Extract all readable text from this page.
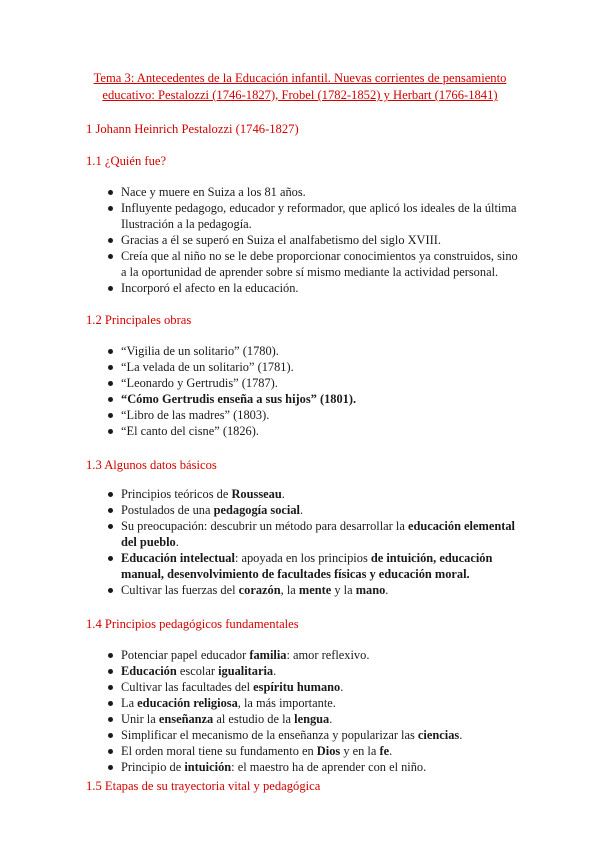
Tema 3: Antecedentes de la Educación infantil. Nuevas corrientes de pensamiento educativo: Pestalozzi (1746-1827), Frobel (1782-1852) y Herbart (1766-1841)
1 Johann Heinrich Pestalozzi (1746-1827)
1.1 ¿Quién fue?
Nace y muere en Suiza a los 81 años.
Influyente pedagogo, educador y reformador, que aplicó los ideales de la última Ilustración a la pedagogía.
Gracias a él se superó en Suiza el analfabetismo del siglo XVIII.
Creía que al niño no se le debe proporcionar conocimientos ya construidos, sino a la oportunidad de aprender sobre sí mismo mediante la actividad personal.
Incorporó el afecto en la educación.
1.2 Principales obras
“Vigilia de un solitario” (1780).
“La velada de un solitario” (1781).
“Leonardo y Gertrudis” (1787).
“Cómo Gertrudis enseña a sus hijos” (1801).
“Libro de las madres” (1803).
“El canto del cisne” (1826).
1.3 Algunos datos básicos
Principios teóricos de Rousseau.
Postulados de una pedagogía social.
Su preocupación: descubrir un método para desarrollar la educación elemental del pueblo.
Educación intelectual: apoyada en los principios de intuición, educación manual, desenvolvimiento de facultades físicas y educación moral.
Cultivar las fuerzas del corazón, la mente y la mano.
1.4 Principios pedagógicos fundamentales
Potenciar papel educador familia: amor reflexivo.
Educación escolar igualitaria.
Cultivar las facultades del espíritu humano.
La educación religiosa, la más importante.
Unir la enseñanza al estudio de la lengua.
Simplificar el mecanismo de la enseñanza y popularizar las ciencias.
El orden moral tiene su fundamento en Dios y en la fe.
Principio de intuición: el maestro ha de aprender con el niño.
1.5 Etapas de su trayectoria vital y pedagógica
